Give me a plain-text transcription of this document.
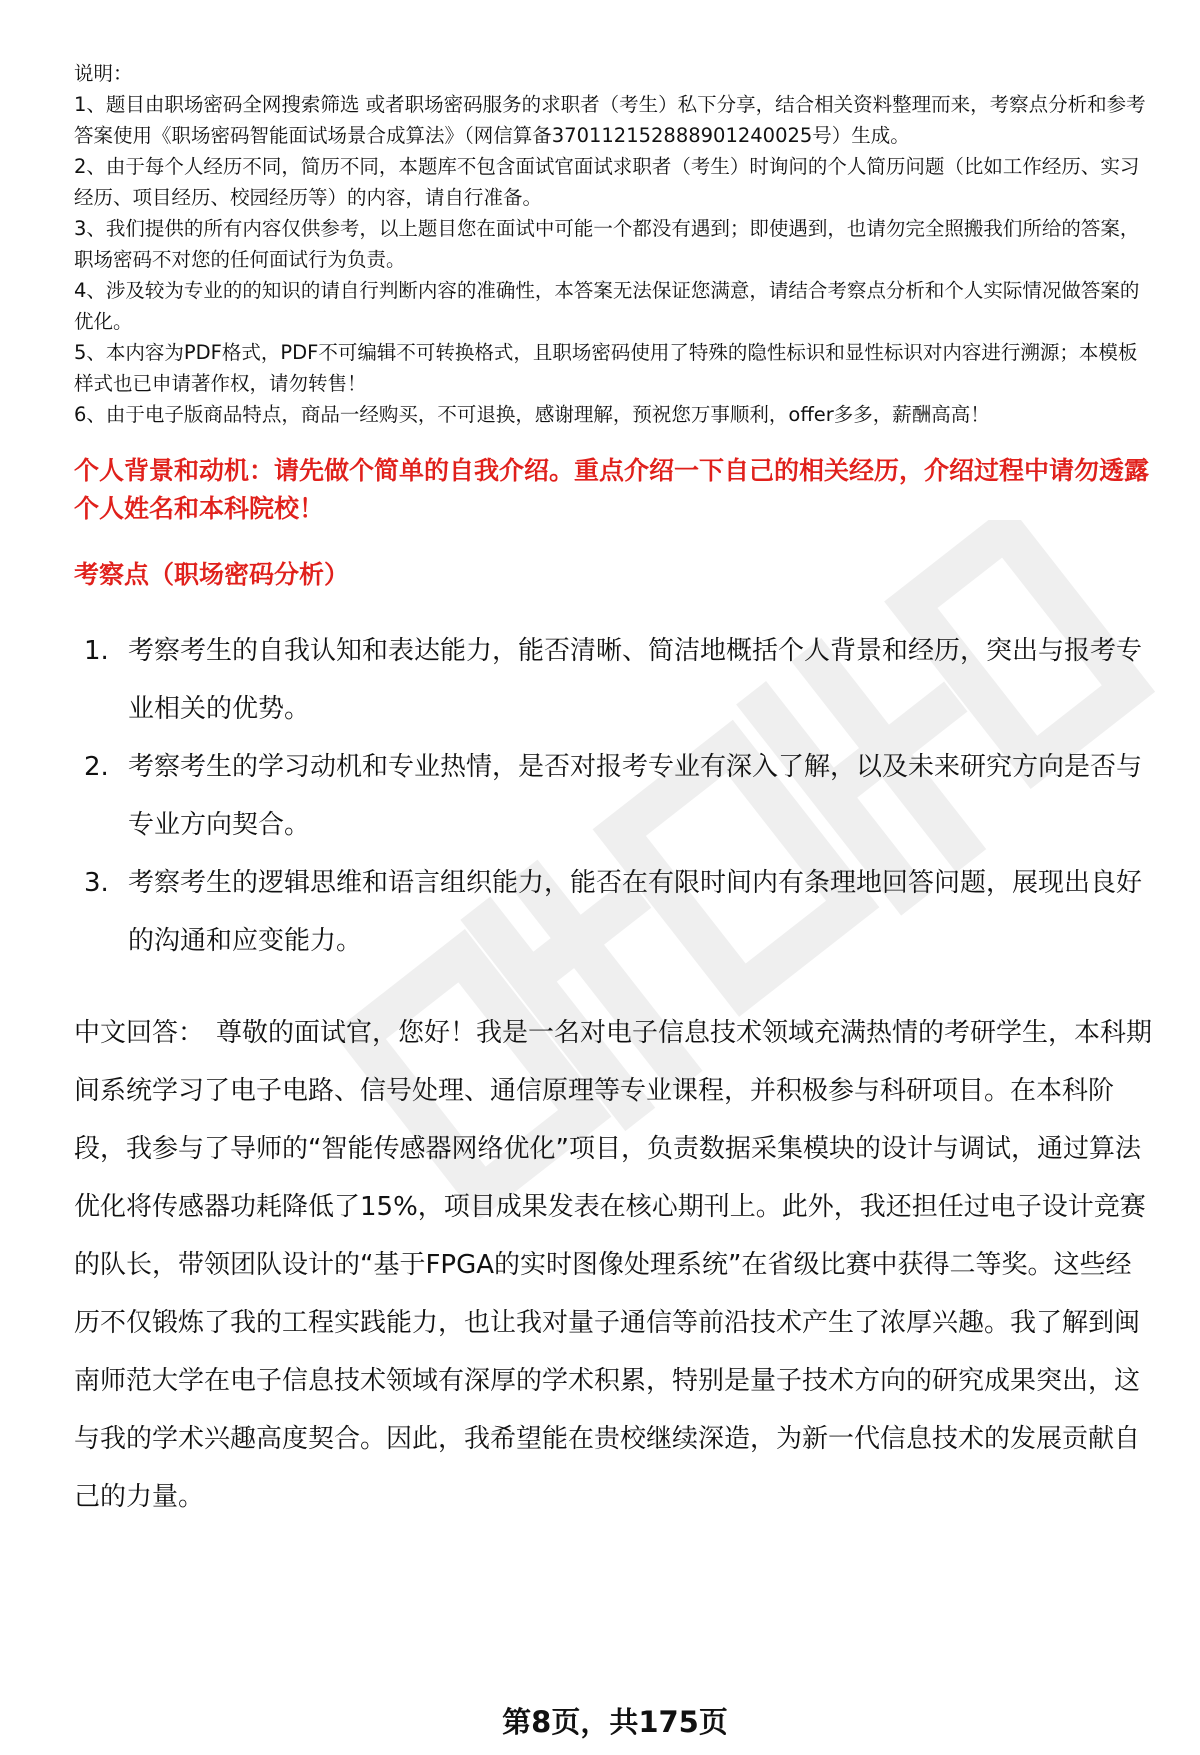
说明：

1、题目由职场密码全网搜索筛选 或者职场密码服务的求职者（考生）私下分享，结合相关资料整理而来，考察点分析和参考答案使用《职场密码智能面试场景合成算法》（网信算备370112152888901240025号）生成。

2、由于每个人经历不同，简历不同，本题库不包含面试官面试求职者（考生）时询问的个人简历问题（比如工作经历、实习经历、项目经历、校园经历等）的内容，请自行准备。

3、我们提供的所有内容仅供参考，以上题目您在面试中可能一个都没有遇到；即使遇到，也请勿完全照搬我们所给的答案，职场密码不对您的任何面试行为负责。

4、涉及较为专业的的知识的请自行判断内容的准确性，本答案无法保证您满意，请结合考察点分析和个人实际情况做答案的优化。

5、本内容为PDF格式，PDF不可编辑不可转换格式，且职场密码使用了特殊的隐性标识和显性标识对内容进行溯源；本模板样式也已申请著作权，请勿转售！

6、由于电子版商品特点，商品一经购买，不可退换，感谢理解，预祝您万事顺利，offer多多，薪酬高高！

个人背景和动机：请先做个简单的自我介绍。重点介绍一下自己的相关经历，介绍过程中请勿透露个人姓名和本科院校！

考察点（职场密码分析）

1. 考察考生的自我认知和表达能力，能否清晰、简洁地概括个人背景和经历，突出与报考专业相关的优势。
2. 考察考生的学习动机和专业热情，是否对报考专业有深入了解，以及未来研究方向是否与专业方向契合。
3. 考察考生的逻辑思维和语言组织能力，能否在有限时间内有条理地回答问题，展现出良好的沟通和应变能力。
中文回答： 尊敬的面试官，您好！我是一名对电子信息技术领域充满热情的考研学生，本科期间系统学习了电子电路、信号处理、通信原理等专业课程，并积极参与科研项目。在本科阶段，我参与了导师的“智能传感器网络优化”项目，负责数据采集模块的设计与调试，通过算法优化将传感器功耗降低了15%，项目成果发表在核心期刊上。此外，我还担任过电子设计竞赛的队长，带领团队设计的“基于FPGA的实时图像处理系统”在省级比赛中获得二等奖。这些经历不仅锻炼了我的工程实践能力，也让我对量子通信等前沿技术产生了浓厚兴趣。我了解到闽南师范大学在电子信息技术领域有深厚的学术积累，特别是量子技术方向的研究成果突出，这与我的学术兴趣高度契合。因此，我希望能在贵校继续深造，为新一代信息技术的发展贡献自己的力量。
第8页，共175页
